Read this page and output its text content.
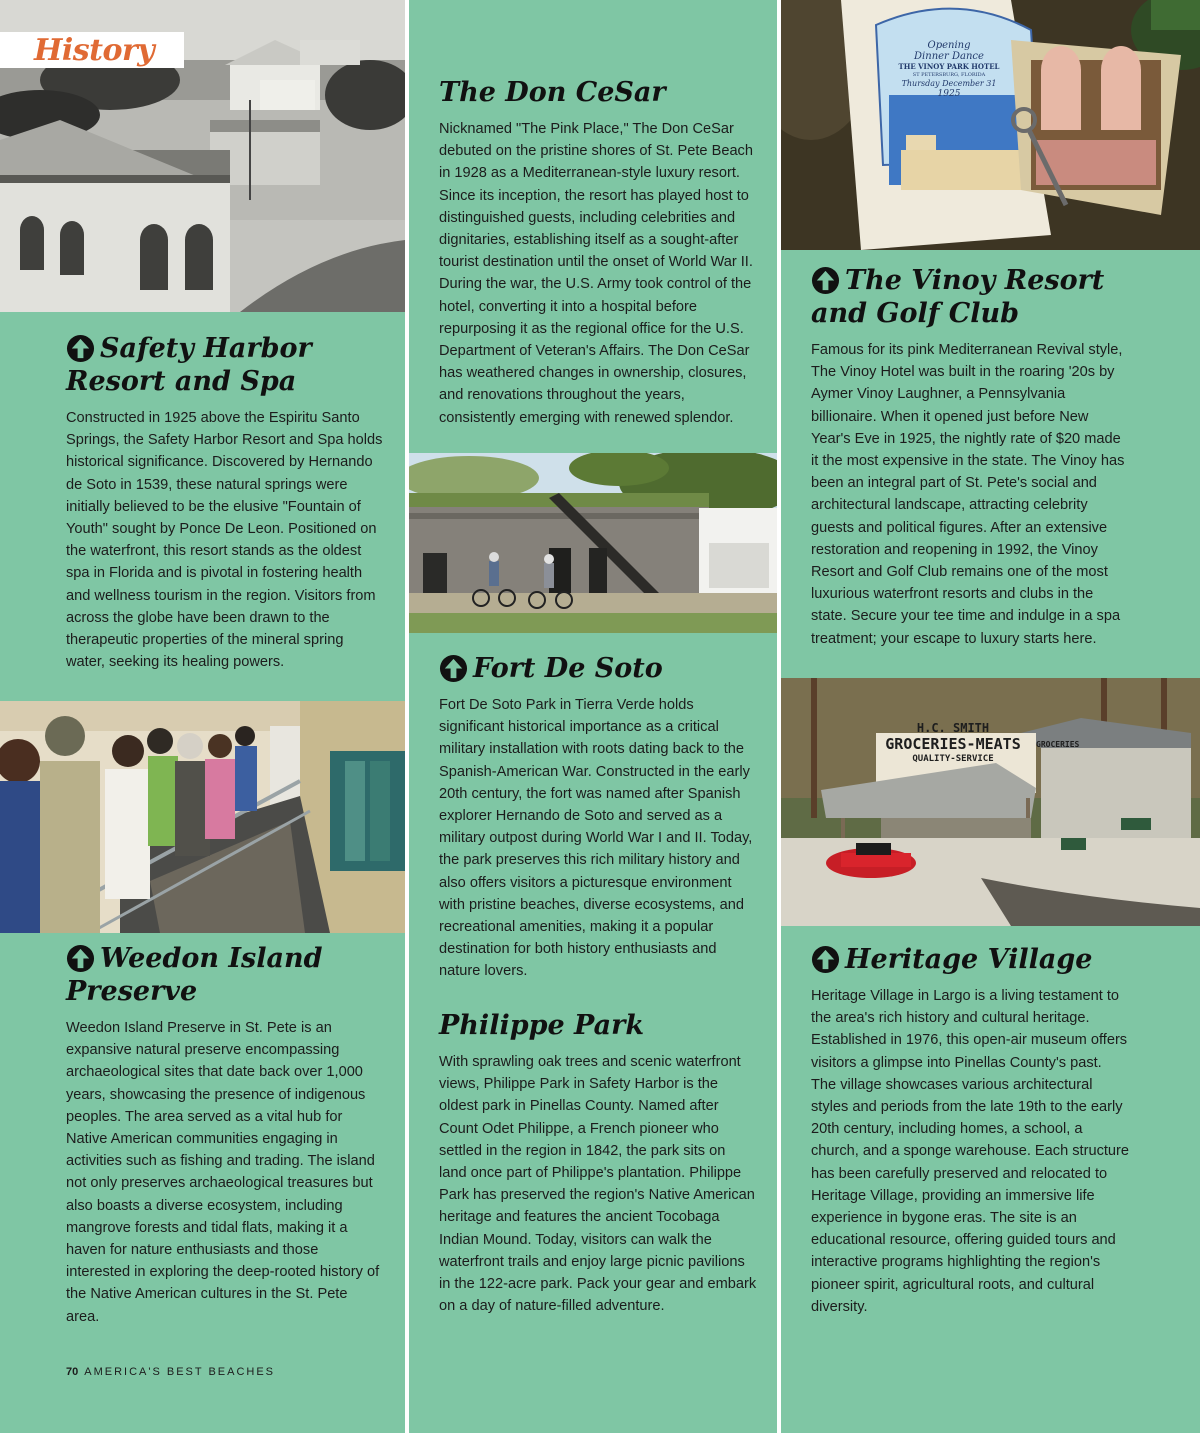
History
Safety Harbor
Resort and Spa

Constructed in 1925 above the Espiritu Santo Springs, the Safety Harbor Resort and Spa holds historical significance. Discovered by Hernando de Soto in 1539, these natural springs were initially believed to be the elusive "Fountain of Youth" sought by Ponce De Leon. Positioned on the waterfront, this resort stands as the oldest spa in Florida and is pivotal in fostering health and wellness tourism in the region. Visitors from across the globe have been drawn to the therapeutic properties of the mineral spring water, seeking its healing powers.

Weedon Island
Preserve

Weedon Island Preserve in St. Pete is an expansive natural preserve encompassing archaeological sites that date back over 1,000 years, showcasing the presence of indigenous peoples. The area served as a vital hub for Native American communities engaging in activities such as fishing and trading. The island not only preserves archaeological treasures but also boasts a diverse ecosystem, including mangrove forests and tidal flats, making it a haven for nature enthusiasts and those interested in exploring the deep-rooted history of the Native American cultures in the St. Pete area.

70 AMERICA'S BEST BEACHES
The Don CeSar

Nicknamed "The Pink Place," The Don CeSar debuted on the pristine shores of St. Pete Beach in 1928 as a Mediterranean-style luxury resort. Since its inception, the resort has played host to distinguished guests, including celebrities and dignitaries, establishing itself as a sought-after tourist destination until the onset of World War II. During the war, the U.S. Army took control of the hotel, converting it into a hospital before repurposing it as the regional office for the U.S. Department of Veteran's Affairs. The Don CeSar has weathered changes in ownership, closures, and renovations throughout the years, consistently emerging with renewed splendor.

Fort De Soto

Fort De Soto Park in Tierra Verde holds significant historical importance as a critical military installation with roots dating back to the Spanish-American War. Constructed in the early 20th century, the fort was named after Spanish explorer Hernando de Soto and served as a military outpost during World War I and II. Today, the park preserves this rich military history and also offers visitors a picturesque environment with pristine beaches, diverse ecosystems, and recreational amenities, making it a popular destination for both history enthusiasts and nature lovers.

Philippe Park

With sprawling oak trees and scenic waterfront views, Philippe Park in Safety Harbor is the oldest park in Pinellas County. Named after Count Odet Philippe, a French pioneer who settled in the region in 1842, the park sits on land once part of Philippe's plantation. Philippe Park has preserved the region's Native American heritage and features the ancient Tocobaga Indian Mound. Today, visitors can walk the waterfront trails and enjoy large picnic pavilions in the 122-acre park. Pack your gear and embark on a day of nature-filled adventure.

Opening
Dinner Dance
THE VINOY PARK HOTEL
ST PETERSBURG, FLORIDA
Thursday December 31
1925
The Vinoy Resort
and Golf Club

Famous for its pink Mediterranean Revival style, The Vinoy Hotel was built in the roaring '20s by Aymer Vinoy Laughner, a Pennsylvania billionaire. When it opened just before New Year's Eve in 1925, the nightly rate of $20 made it the most expensive in the state. The Vinoy has been an integral part of St. Pete's social and architectural landscape, attracting celebrity guests and political figures. After an extensive restoration and reopening in 1992, the Vinoy Resort and Golf Club remains one of the most luxurious waterfront resorts and clubs in the state. Secure your tee time and indulge in a spa treatment; your escape to luxury starts here.

H.C. SMITH
GROCERIES-MEATS
QUALITY-SERVICE
GROCERIES
Heritage Village

Heritage Village in Largo is a living testament to the area's rich history and cultural heritage. Established in 1976, this open-air museum offers visitors a glimpse into Pinellas County's past. The village showcases various architectural styles and periods from the late 19th to the early 20th century, including homes, a school, a church, and a sponge warehouse. Each structure has been carefully preserved and relocated to Heritage Village, providing an immersive life experience in bygone eras. The site is an educational resource, offering guided tours and interactive programs highlighting the region's pioneer spirit, agricultural roots, and cultural diversity.
